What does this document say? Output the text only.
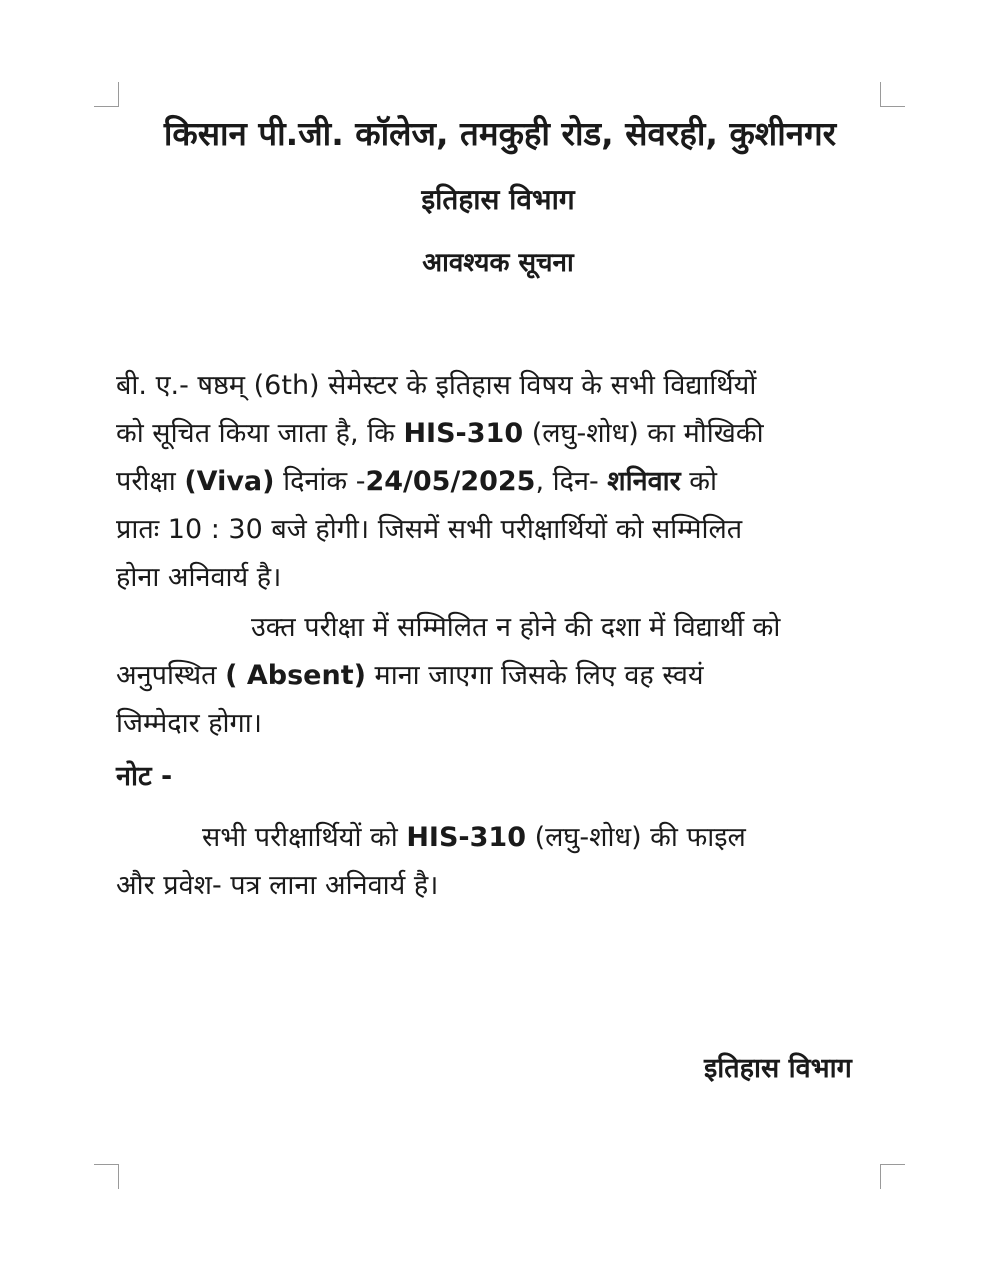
किसान पी.जी. कॉलेज, तमकुही रोड, सेवरही, कुशीनगर
इतिहास विभाग
आवश्यक सूचना
बी. ए.- षष्ठम् (6th) सेमेस्टर के इतिहास विषय के सभी विद्यार्थियों
को सूचित किया जाता है, कि HIS-310 (लघु-शोध) का मौखिकी
परीक्षा (Viva) दिनांक -24/05/2025, दिन- शनिवार को
प्रातः 10 : 30 बजे होगी। जिसमें सभी परीक्षार्थियों को सम्मिलित
होना अनिवार्य है।
उक्त परीक्षा में सम्मिलित न होने की दशा में विद्यार्थी को
अनुपस्थित ( Absent) माना जाएगा जिसके लिए वह स्वयं
जिम्मेदार होगा।
नोट -
सभी परीक्षार्थियों को HIS-310 (लघु-शोध) की फाइल
और प्रवेश- पत्र लाना अनिवार्य है।
इतिहास विभाग
